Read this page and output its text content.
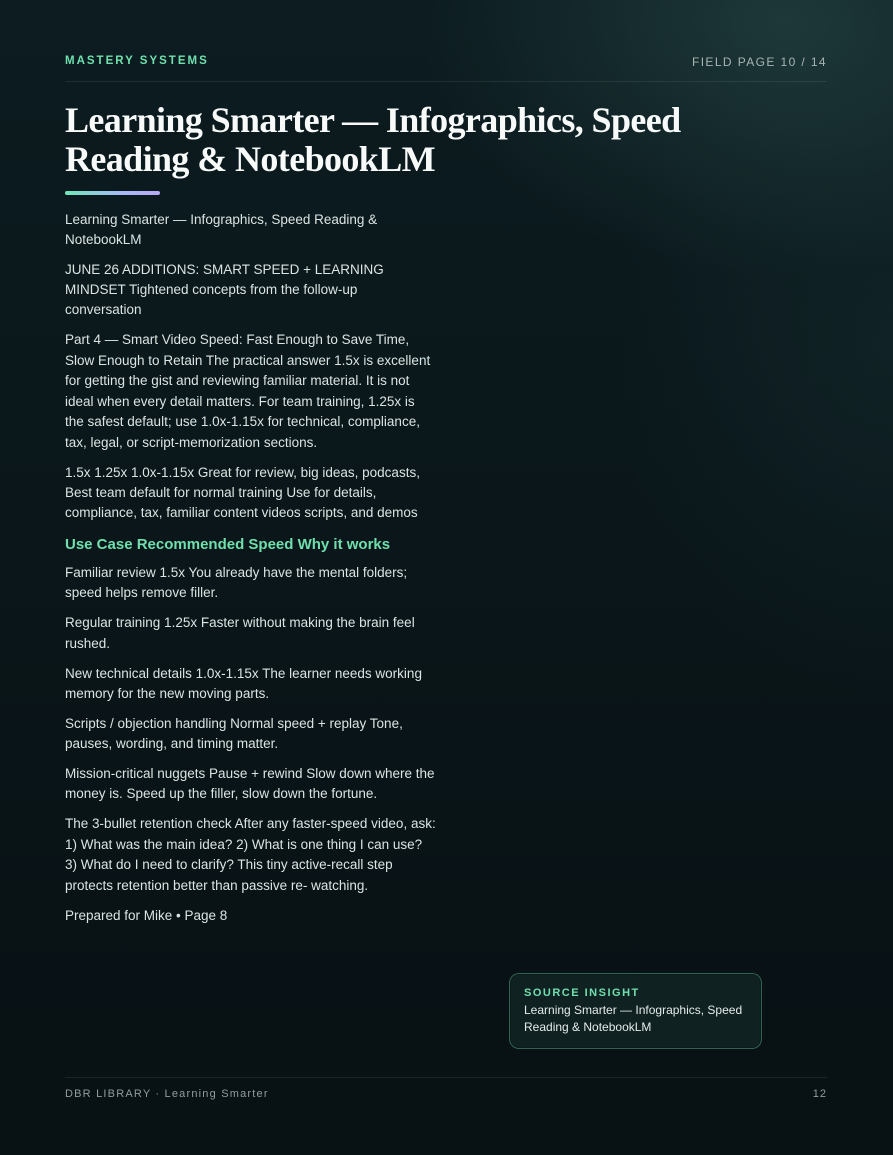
MASTERY SYSTEMS	FIELD PAGE 10 / 14
Learning Smarter — Infographics, Speed Reading & NotebookLM

Learning Smarter — Infographics, Speed Reading & NotebookLM

JUNE 26 ADDITIONS: SMART SPEED + LEARNING MINDSET Tightened concepts from the follow-up conversation

Part 4 — Smart Video Speed: Fast Enough to Save Time, Slow Enough to Retain The practical answer 1.5x is excellent for getting the gist and reviewing familiar material. It is not ideal when every detail matters. For team training, 1.25x is the safest default; use 1.0x-1.15x for technical, compliance, tax, legal, or script-memorization sections.

1.5x 1.25x 1.0x-1.15x Great for review, big ideas, podcasts, Best team default for normal training Use for details, compliance, tax, familiar content videos scripts, and demos

Use Case Recommended Speed Why it works

Familiar review 1.5x You already have the mental folders; speed helps remove filler.

Regular training 1.25x Faster without making the brain feel rushed.

New technical details 1.0x-1.15x The learner needs working memory for the new moving parts.

Scripts / objection handling Normal speed + replay Tone, pauses, wording, and timing matter.

Mission-critical nuggets Pause + rewind Slow down where the money is. Speed up the filler, slow down the fortune.

The 3-bullet retention check After any faster-speed video, ask: 1) What was the main idea? 2) What is one thing I can use? 3) What do I need to clarify? This tiny active-recall step protects retention better than passive re- watching.

Prepared for Mike • Page 8

SOURCE INSIGHT
Learning Smarter — Infographics, Speed Reading & NotebookLM
DBR LIBRARY · Learning Smarter	12
